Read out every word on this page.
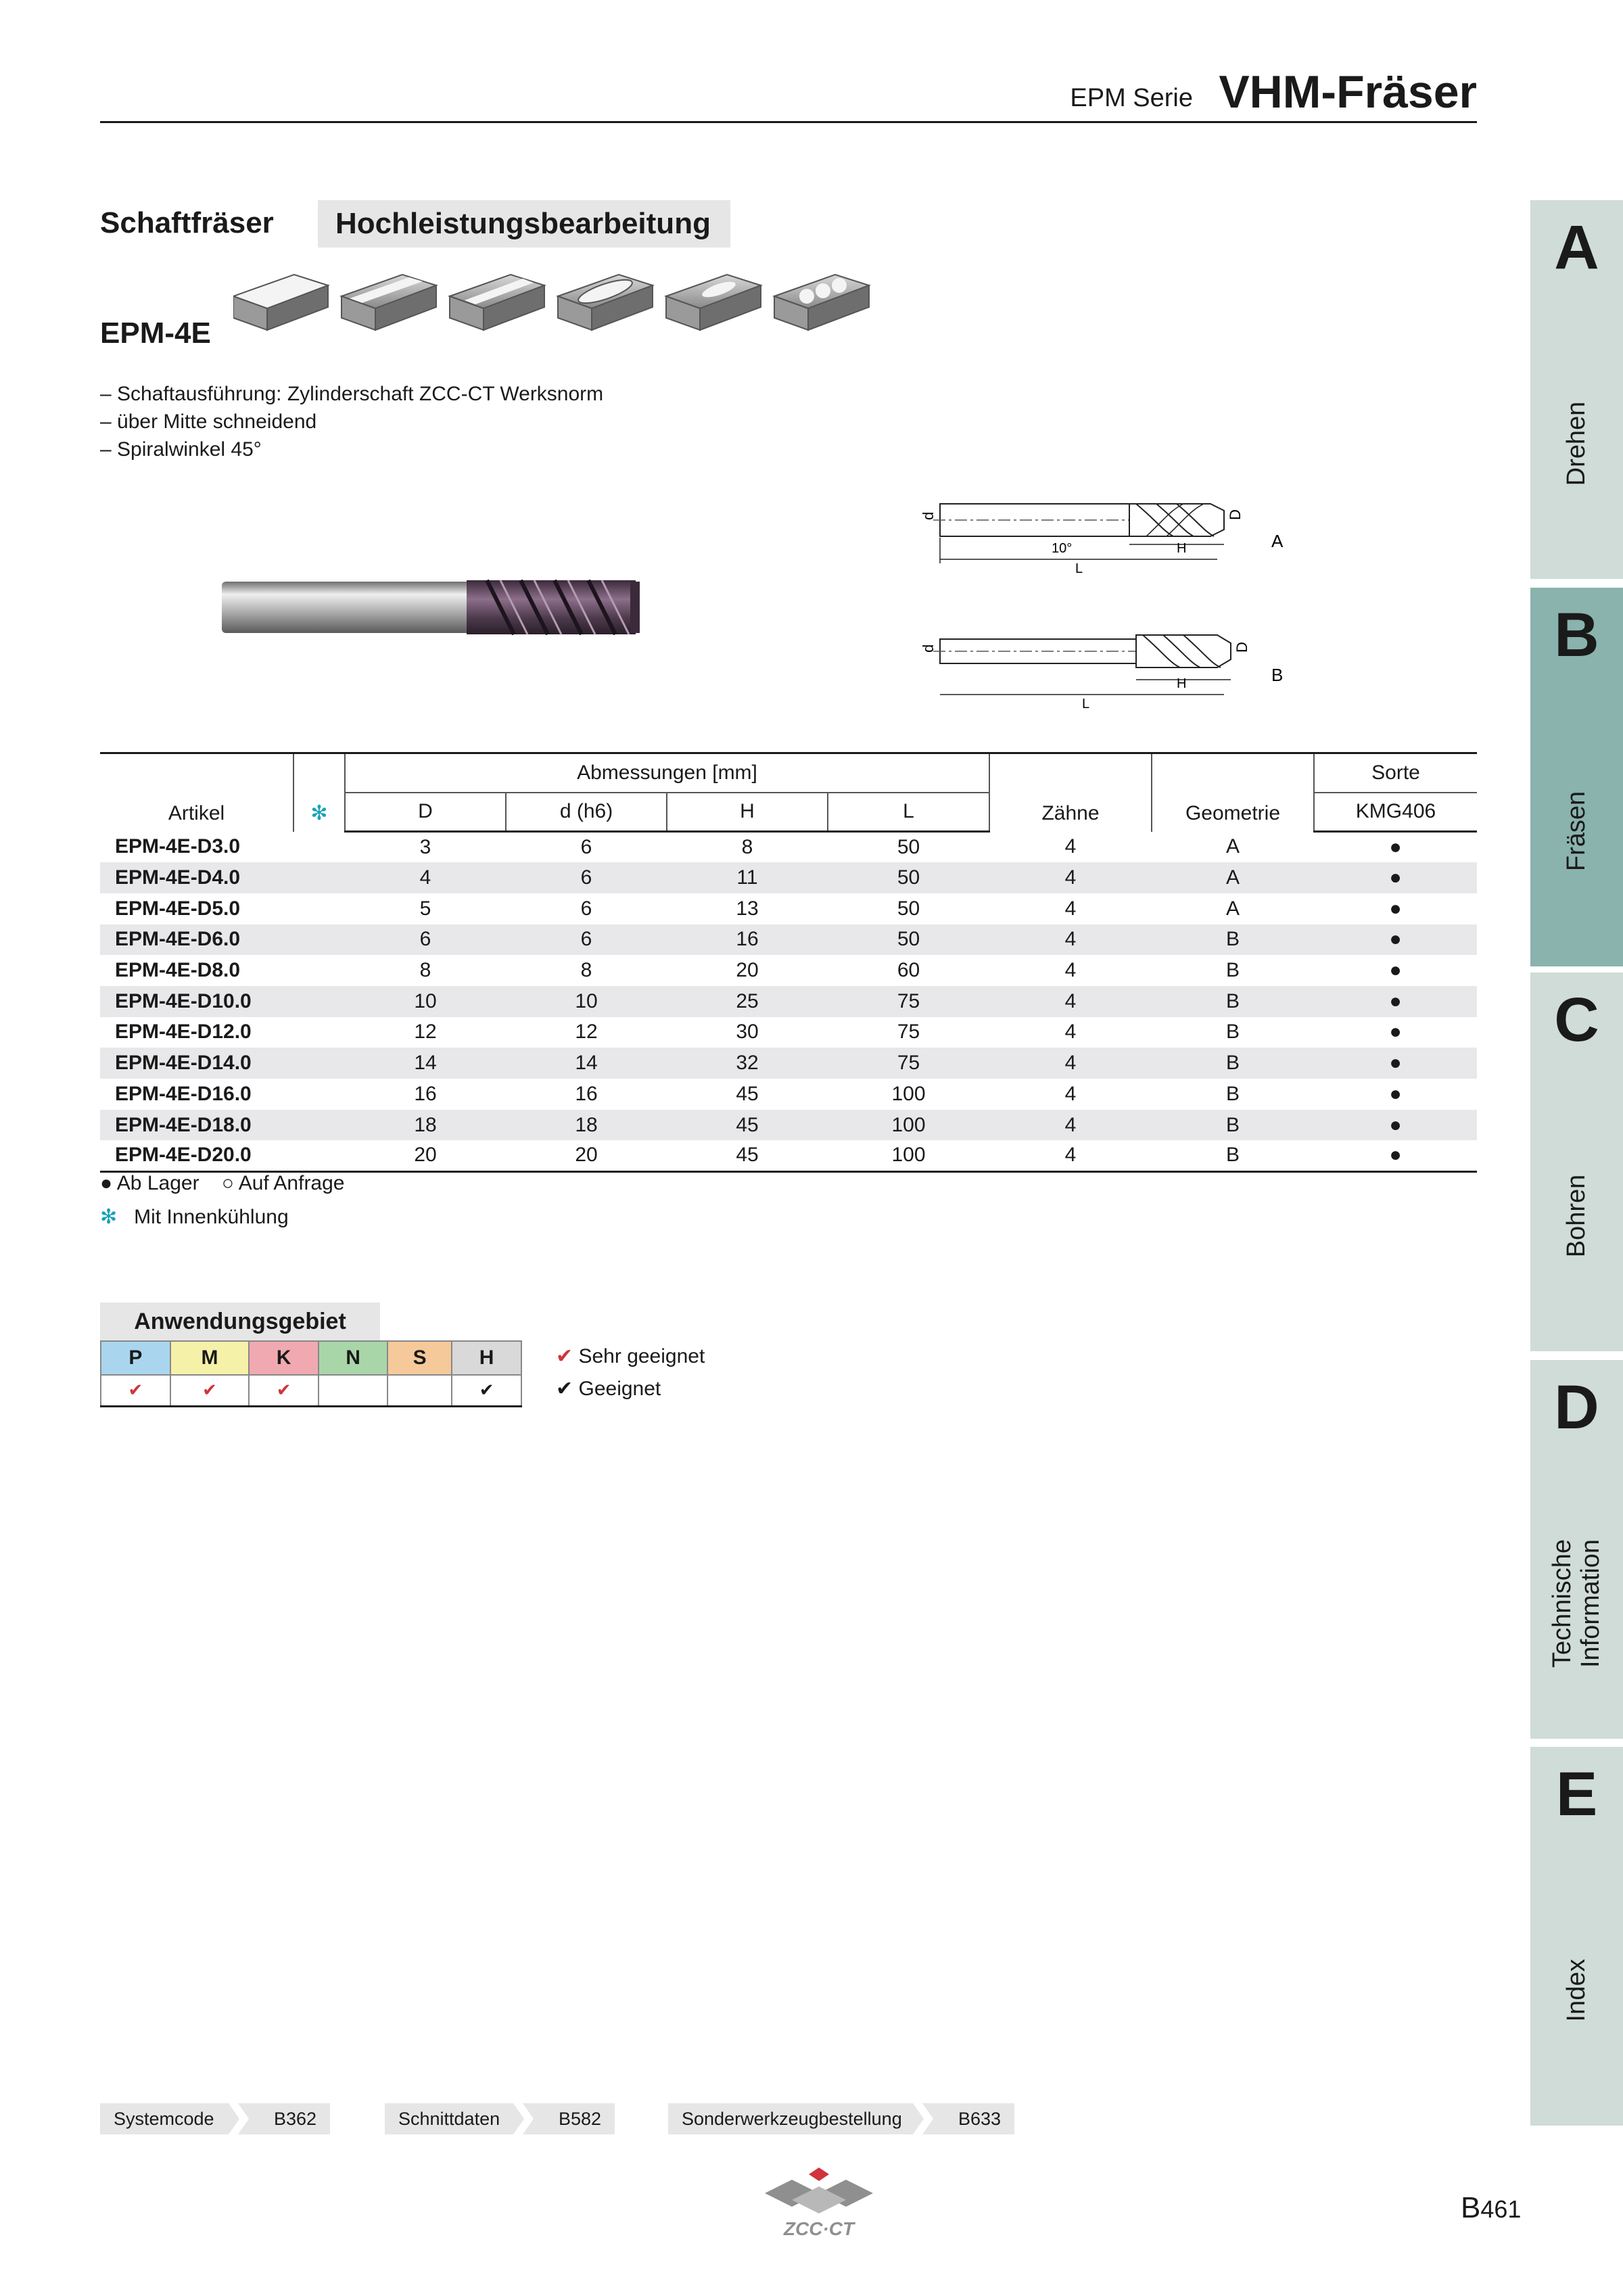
EPM Serie VHM-Fräser
Schaftfräser	Hochleistungsbearbeitung
EPM-4E
– Schaftausführung: Zylinderschaft ZCC-CT Werksnorm
– über Mitte schneidend
– Spiralwinkel 45°
d	D
10°	H
L
A
d	D
H
L
B
Artikel	✻	Abmessungen [mm]				Zähne	Geometrie	Sorte
		D	d (h6)	H	L			KMG406
EPM-4E-D3.0		3	6	8	50	4	A	●
EPM-4E-D4.0		4	6	11	50	4	A	●
EPM-4E-D5.0		5	6	13	50	4	A	●
EPM-4E-D6.0		6	6	16	50	4	B	●
EPM-4E-D8.0		8	8	20	60	4	B	●
EPM-4E-D10.0		10	10	25	75	4	B	●
EPM-4E-D12.0		12	12	30	75	4	B	●
EPM-4E-D14.0		14	14	32	75	4	B	●
EPM-4E-D16.0		16	16	45	100	4	B	●
EPM-4E-D18.0		18	18	45	100	4	B	●
EPM-4E-D20.0		20	20	45	100	4	B	●
● Ab Lager ○ Auf Anfrage
✻ Mit Innenkühlung
Anwendungsgebiet
P	M	K	N	S	H
✔	✔	✔			✔
✔ Sehr geeignet
✔ Geeignet
A
Drehen
B
Fräsen
C
Bohren
D
Technische
Information
E
Index
Systemcode	B362	Schnittdaten	B582	Sonderwerkzeugbestellung	B633
ZCC·CT
B461
